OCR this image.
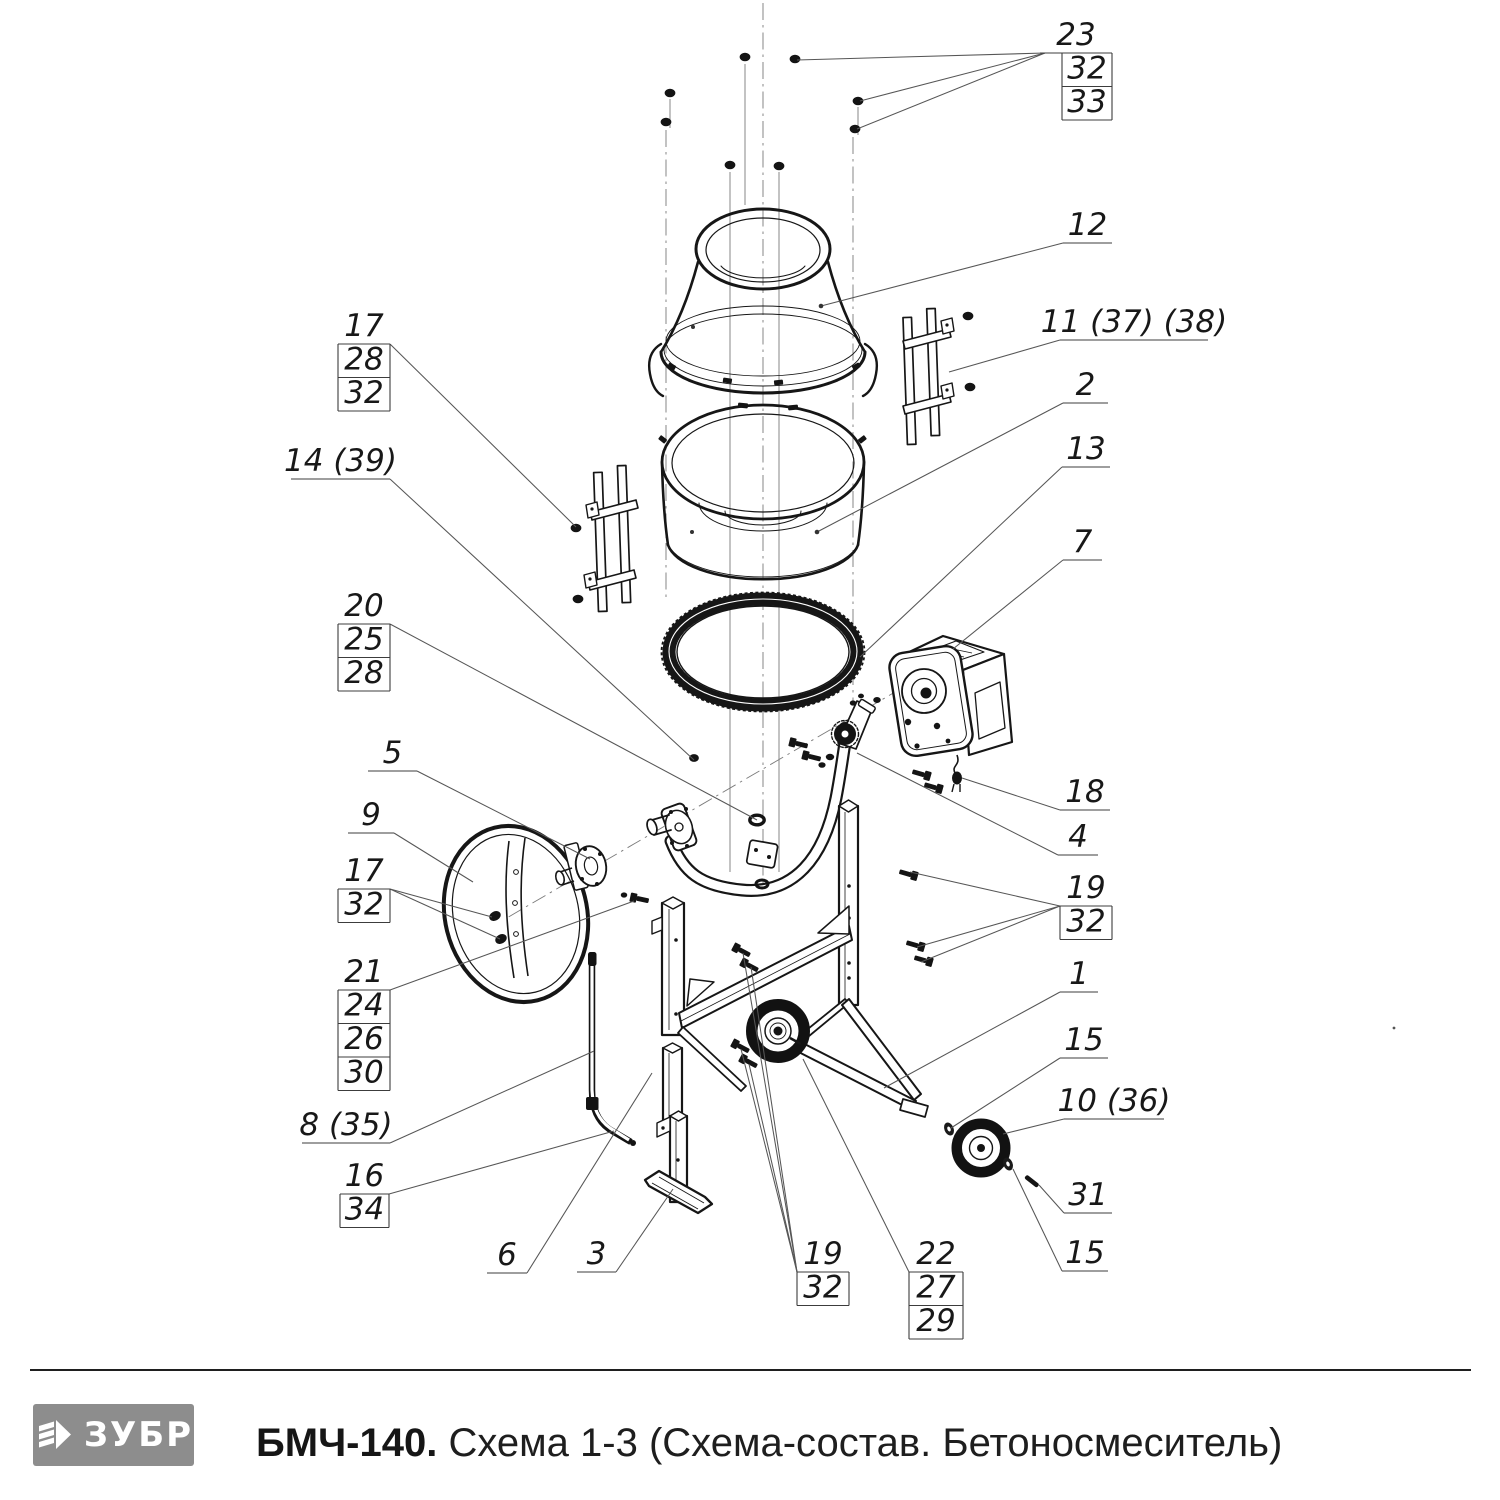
23
32
33
12
11 (37) (38)
2
13
7
18
4
19
32
1
15
10 (36)
31
15
17
28
32
14 (39)
20
25
28
5
9
17
32
21
24
26
30
8 (35)
16
34
6 3	19
32
22
27
29
ЗУБР БМЧ-140. Схема 1-3 (Схема-состав. Бетоносмеситель)
